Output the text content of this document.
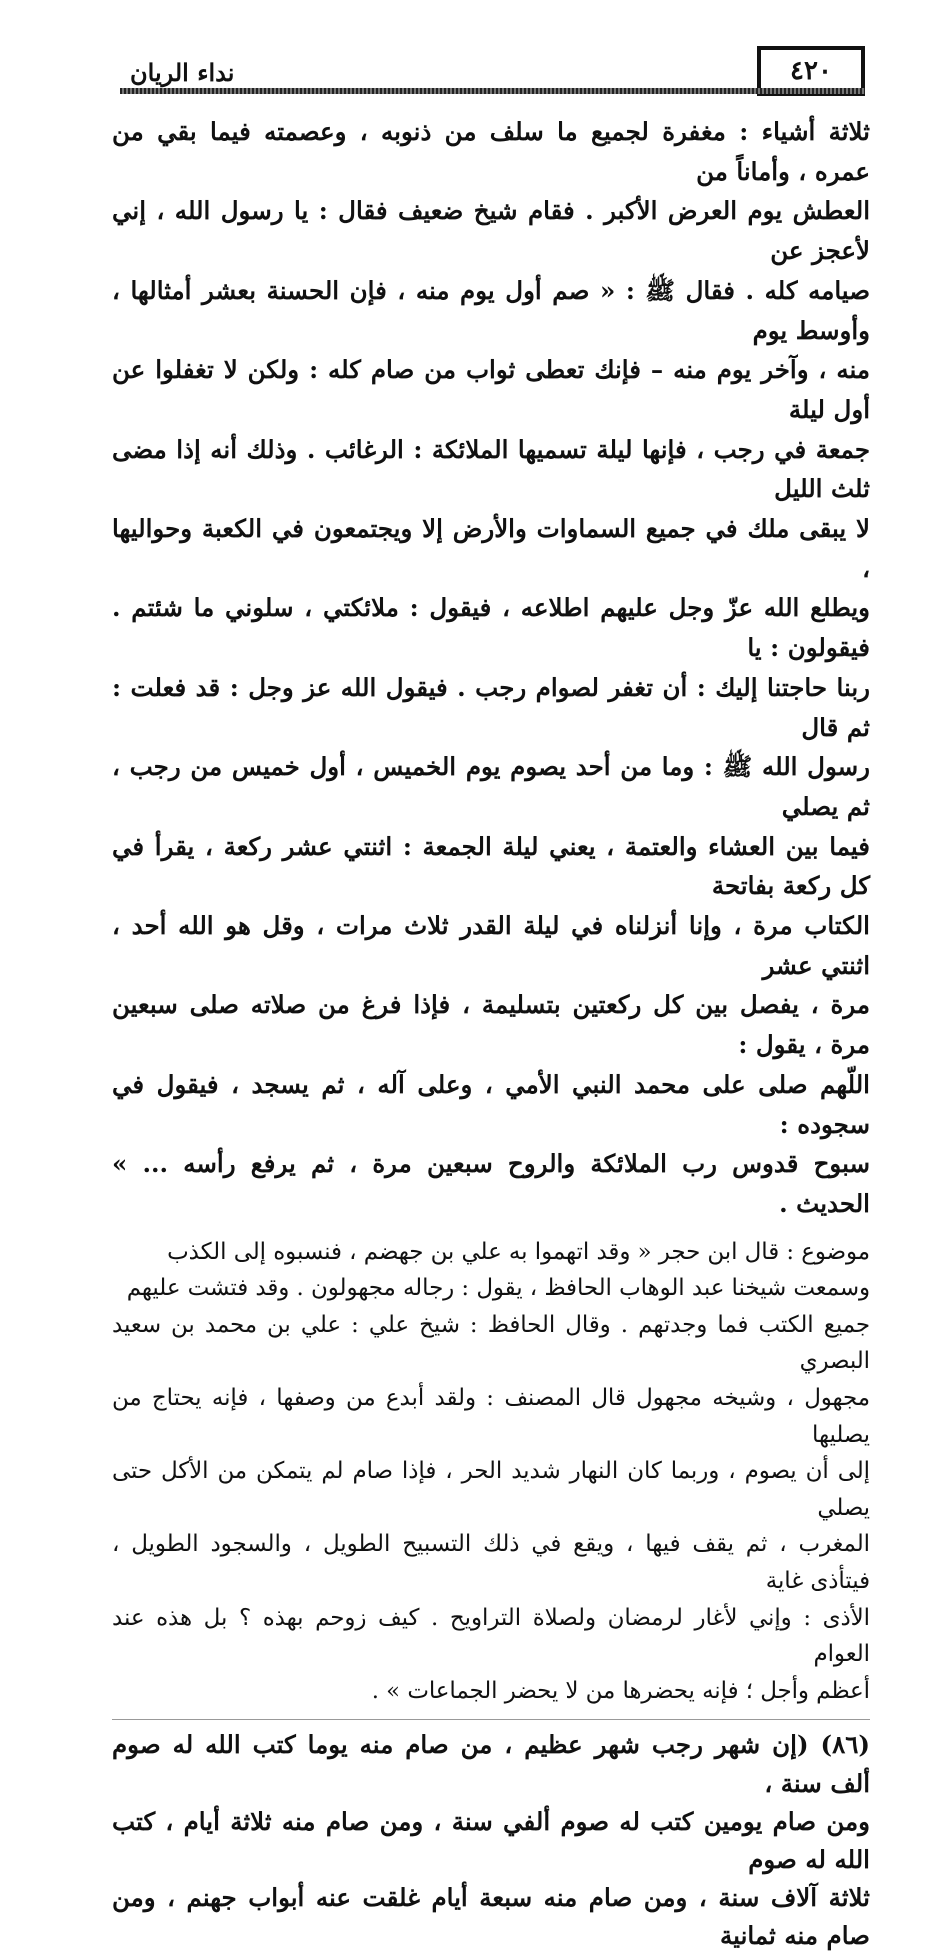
٤٢٠
نداء الريان
ثلاثة أشياء : مغفرة لجميع ما سلف من ذنوبه ، وعصمته فيما بقي من عمره ، وأماناً من
العطش يوم العرض الأكبر . فقام شيخ ضعيف فقال : يا رسول الله ، إني لأعجز عن
صيامه كله . فقال ﷺ : « صم أول يوم منه ، فإن الحسنة بعشر أمثالها ، وأوسط يوم
منه ، وآخر يوم منه – فإنك تعطى ثواب من صام كله : ولكن لا تغفلوا عن أول ليلة
جمعة في رجب ، فإنها ليلة تسميها الملائكة : الرغائب . وذلك أنه إذا مضى ثلث الليل
لا يبقى ملك في جميع السماوات والأرض إلا ويجتمعون في الكعبة وحواليها ،
ويطلع الله عزّ وجل عليهم اطلاعه ، فيقول : ملائكتي ، سلوني ما شئتم . فيقولون : يا
ربنا حاجتنا إليك : أن تغفر لصوام رجب . فيقول الله عز وجل : قد فعلت : ثم قال
رسول الله ﷺ : وما من أحد يصوم يوم الخميس ، أول خميس من رجب ، ثم يصلي
فيما بين العشاء والعتمة ، يعني ليلة الجمعة : اثنتي عشر ركعة ، يقرأ في كل ركعة بفاتحة
الكتاب مرة ، وإنا أنزلناه في ليلة القدر ثلاث مرات ، وقل هو الله أحد ، اثنتي عشر
مرة ، يفصل بين كل ركعتين بتسليمة ، فإذا فرغ من صلاته صلى سبعين مرة ، يقول :
اللّهم صلى على محمد النبي الأمي ، وعلى آله ، ثم يسجد ، فيقول في سجوده :
سبوح قدوس رب الملائكة والروح سبعين مرة ، ثم يرفع رأسه ... » الحديث .
موضوع : قال ابن حجر « وقد اتهموا به علي بن جهضم ، فنسبوه إلى الكذب
وسمعت شيخنا عبد الوهاب الحافظ ، يقول : رجاله مجهولون . وقد فتشت عليهم
جميع الكتب فما وجدتهم . وقال الحافظ : شيخ علي : علي بن محمد بن سعيد البصري
مجهول ، وشيخه مجهول قال المصنف : ولقد أبدع من وصفها ، فإنه يحتاج من يصليها
إلى أن يصوم ، وربما كان النهار شديد الحر ، فإذا صام لم يتمكن من الأكل حتى يصلي
المغرب ، ثم يقف فيها ، ويقع في ذلك التسبيح الطويل ، والسجود الطويل ، فيتأذى غاية
الأذى : وإني لأغار لرمضان ولصلاة التراويح . كيف زوحم بهذه ؟ بل هذه عند العوام
أعظم وأجل ؛ فإنه يحضرها من لا يحضر الجماعات » .
(٨٦) (إن شهر رجب شهر عظيم ، من صام منه يوما كتب الله له صوم ألف سنة ،
ومن صام يومين كتب له صوم ألفي سنة ، ومن صام منه ثلاثة أيام ، كتب الله له صوم
ثلاثة آلاف سنة ، ومن صام منه سبعة أيام غلقت عنه أبواب جهنم ، ومن صام منه ثمانية
